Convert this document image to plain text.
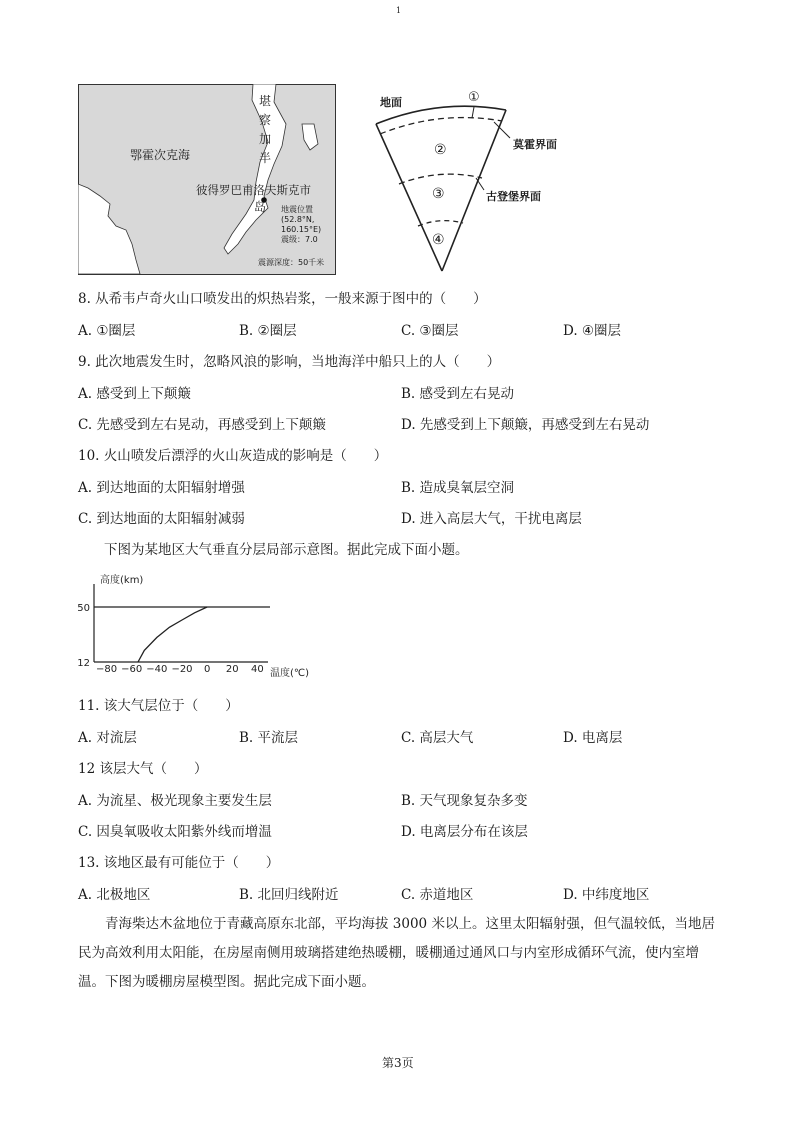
1
鄂霍次克海
堪
察
加
半
岛
彼得罗巴甫洛夫斯克市
地震位置
(52.8°N,
160.15°E)
震级：7.0
震源深度：50千米
地面	①
莫霍界面
②
③	古登堡界面
④
8. 从希韦卢奇火山口喷发出的炽热岩浆，一般来源于图中的（　　）
A. ①圈层	B. ②圈层	C. ③圈层	D. ④圈层
9. 此次地震发生时，忽略风浪的影响，当地海洋中船只上的人（　　）
A. 感受到上下颠簸	B. 感受到左右晃动
C. 先感受到左右晃动，再感受到上下颠簸	D. 先感受到上下颠簸，再感受到左右晃动
10. 火山喷发后漂浮的火山灰造成的影响是（　　）
A. 到达地面的太阳辐射增强	B. 造成臭氧层空洞
C. 到达地面的太阳辐射减弱	D. 进入高层大气，干扰电离层
下图为某地区大气垂直分层局部示意图。据此完成下面小题。
高度(km)
温度(℃)
50
12
−80 −60 −40 −20 0 20 40
11. 该大气层位于（　　）
A. 对流层	B. 平流层	C. 高层大气	D. 电离层
12 该层大气（　　）
A. 为流星、极光现象主要发生层	B. 天气现象复杂多变
C. 因臭氧吸收太阳紫外线而增温	D. 电离层分布在该层
13. 该地区最有可能位于（　　）
A. 北极地区	B. 北回归线附近	C. 赤道地区	D. 中纬度地区
青海柴达木盆地位于青藏高原东北部，平均海拔 3000 米以上。这里太阳辐射强，但气温较低，当地居民为高效利用太阳能，在房屋南侧用玻璃搭建绝热暖棚，暖棚通过通风口与内室形成循环气流，使内室增温。下图为暖棚房屋模型图。据此完成下面小题。
第3页
